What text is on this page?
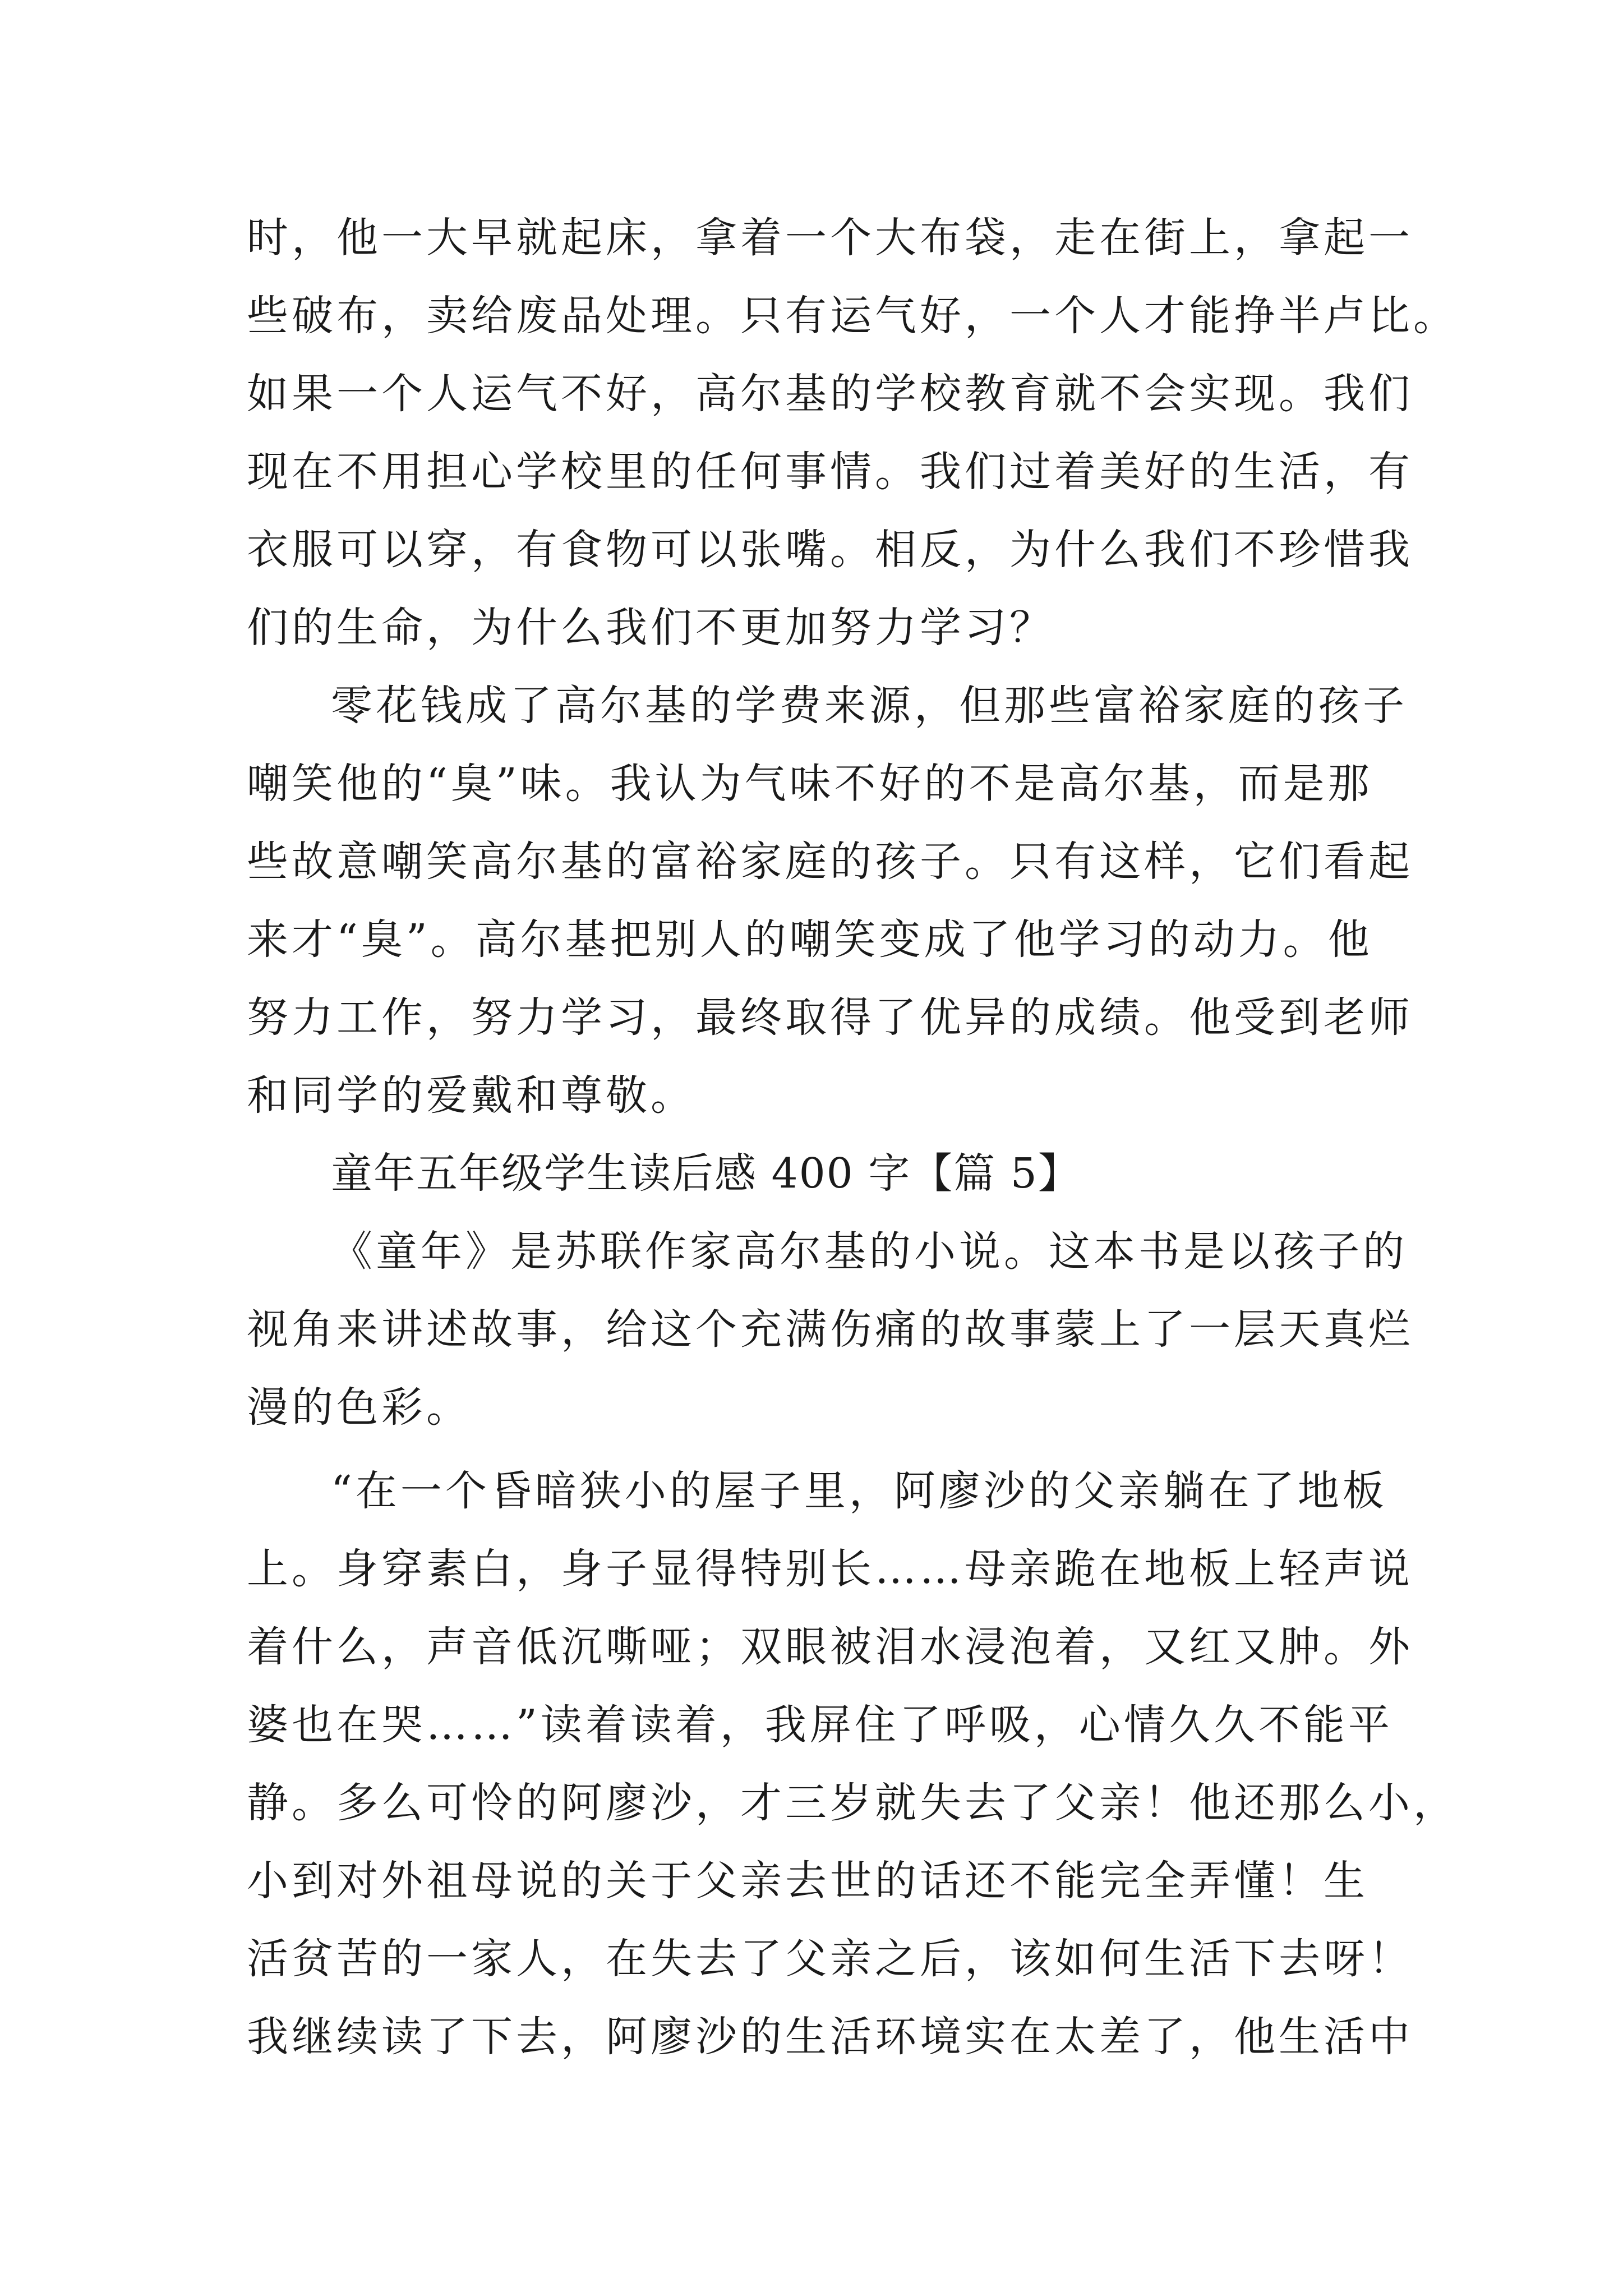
时，他一大早就起床，拿着一个大布袋，走在街上，拿起一
些破布，卖给废品处理。只有运气好，一个人才能挣半卢比。
如果一个人运气不好，高尔基的学校教育就不会实现。我们
现在不用担心学校里的任何事情。我们过着美好的生活，有
衣服可以穿，有食物可以张嘴。相反，为什么我们不珍惜我
们的生命，为什么我们不更加努力学习？
零花钱成了高尔基的学费来源，但那些富裕家庭的孩子
嘲笑他的“臭”味。我认为气味不好的不是高尔基，而是那
些故意嘲笑高尔基的富裕家庭的孩子。只有这样，它们看起
来才“臭”。高尔基把别人的嘲笑变成了他学习的动力。他
努力工作，努力学习，最终取得了优异的成绩。他受到老师
和同学的爱戴和尊敬。
童年五年级学生读后感 400 字【篇 5】
《童年》是苏联作家高尔基的小说。这本书是以孩子的
视角来讲述故事，给这个充满伤痛的故事蒙上了一层天真烂
漫的色彩。
“在一个昏暗狭小的屋子里，阿廖沙的父亲躺在了地板
上。身穿素白，身子显得特别长……母亲跪在地板上轻声说
着什么，声音低沉嘶哑；双眼被泪水浸泡着，又红又肿。外
婆也在哭……”读着读着，我屏住了呼吸，心情久久不能平
静。多么可怜的阿廖沙，才三岁就失去了父亲！他还那么小，
小到对外祖母说的关于父亲去世的话还不能完全弄懂！生
活贫苦的一家人，在失去了父亲之后，该如何生活下去呀！
我继续读了下去，阿廖沙的生活环境实在太差了，他生活中
